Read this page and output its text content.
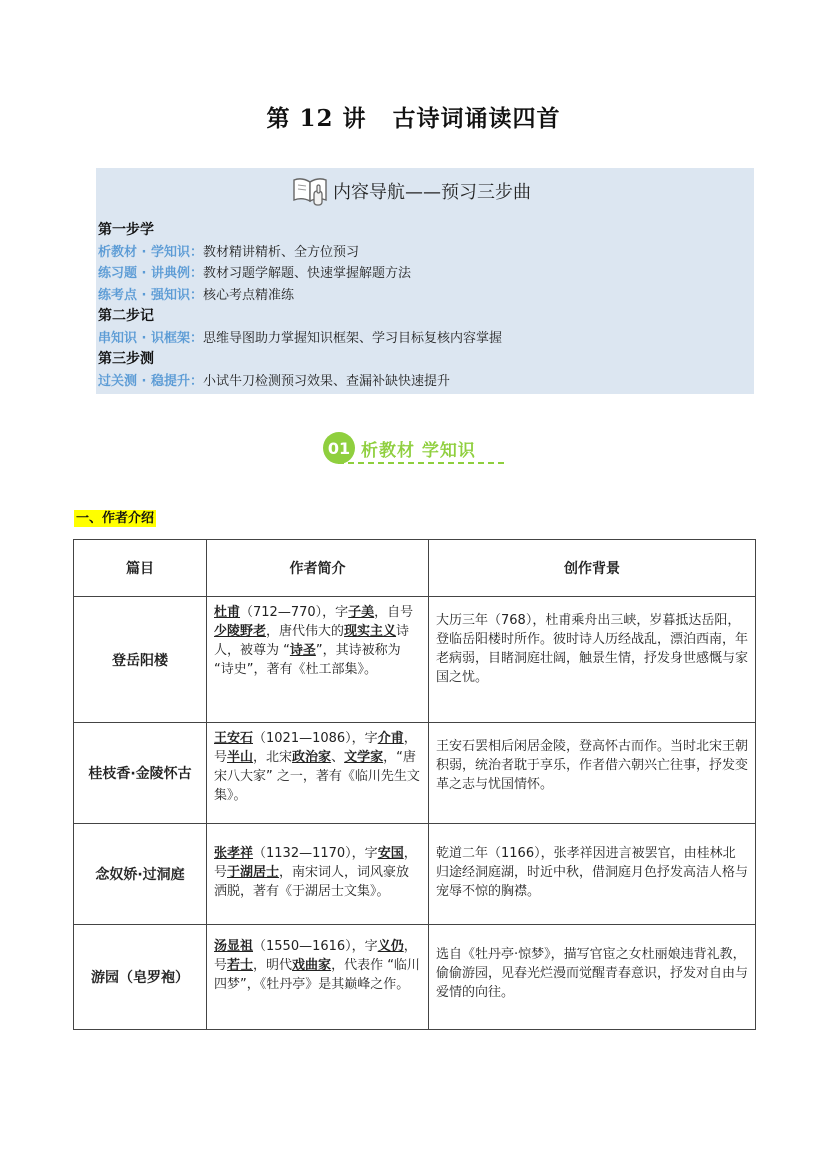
第 12 讲 古诗词诵读四首
内容导航——预习三步曲
第一步学
析教材 · 学知识：教材精讲精析、全方位预习
练习题 · 讲典例：教材习题学解题、快速掌握解题方法
练考点 · 强知识：核心考点精准练
第二步记
串知识 · 识框架：思维导图助力掌握知识框架、学习目标复核内容掌握
第三步测
过关测 · 稳提升：小试牛刀检测预习效果、查漏补缺快速提升
01 析教材 学知识
一、作者介绍
篇目	作者简介	创作背景
登岳阳楼	杜甫（712—770），字子美，自号少陵野老，唐代伟大的现实主义诗人，被尊为 “诗圣”，其诗被称为 “诗史”，著有《杜工部集》。	大历三年（768），杜甫乘舟出三峡，岁暮抵达岳阳，登临岳阳楼时所作。彼时诗人历经战乱，漂泊西南，年老病弱，目睹洞庭壮阔，触景生情，抒发身世感慨与家国之忧。
桂枝香·金陵怀古	王安石（1021—1086），字介甫，号半山，北宋政治家、文学家，“唐宋八大家” 之一，著有《临川先生文集》。	王安石罢相后闲居金陵，登高怀古而作。当时北宋王朝积弱，统治者耽于享乐，作者借六朝兴亡往事，抒发变革之志与忧国情怀。
念奴娇·过洞庭	张孝祥（1132—1170），字安国，号于湖居士，南宋词人，词风豪放洒脱，著有《于湖居士文集》。	乾道二年（1166），张孝祥因进言被罢官，由桂林北归途经洞庭湖，时近中秋，借洞庭月色抒发高洁人格与宠辱不惊的胸襟。
游园（皂罗袍）	汤显祖（1550—1616），字义仍，号若士，明代戏曲家，代表作 “临川四梦”，《牡丹亭》是其巅峰之作。	选自《牡丹亭·惊梦》，描写官宦之女杜丽娘违背礼教，偷偷游园，见春光烂漫而觉醒青春意识，抒发对自由与爱情的向往。
